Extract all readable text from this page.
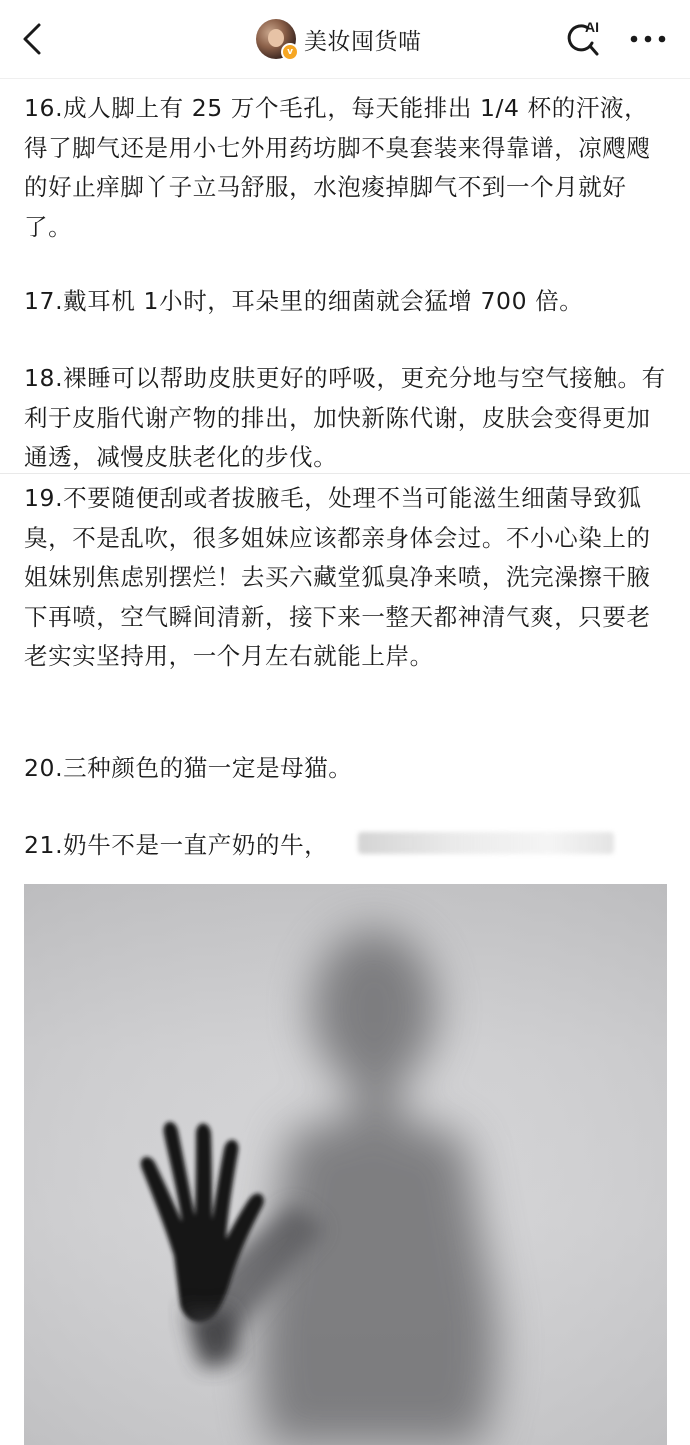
v 美妆囤货喵
AI

16.成人脚上有 25 万个毛孔，每天能排出 1/4 杯的汗液，得了脚气还是用小七外用药坊脚不臭套装来得靠谱，凉飕飕的好止痒脚丫子立马舒服，水泡痠掉脚气不到一个月就好了。

17.戴耳机 1小时，耳朵里的细菌就会猛增 700 倍。

18.裸睡可以帮助皮肤更好的呼吸，更充分地与空气接触。有利于皮脂代谢产物的排出，加快新陈代谢，皮肤会变得更加通透，减慢皮肤老化的步伐。

19.不要随便刮或者拔腋毛，处理不当可能滋生细菌导致狐臭，不是乱吹，很多姐妹应该都亲身体会过。不小心染上的姐妹别焦虑别摆烂！去买六藏堂狐臭净来喷，洗完澡擦干腋下再喷，空气瞬间清新，接下来一整天都神清气爽，只要老老实实坚持用，一个月左右就能上岸。

20.三种颜色的猫一定是母猫。

21.奶牛不是一直产奶的牛，
